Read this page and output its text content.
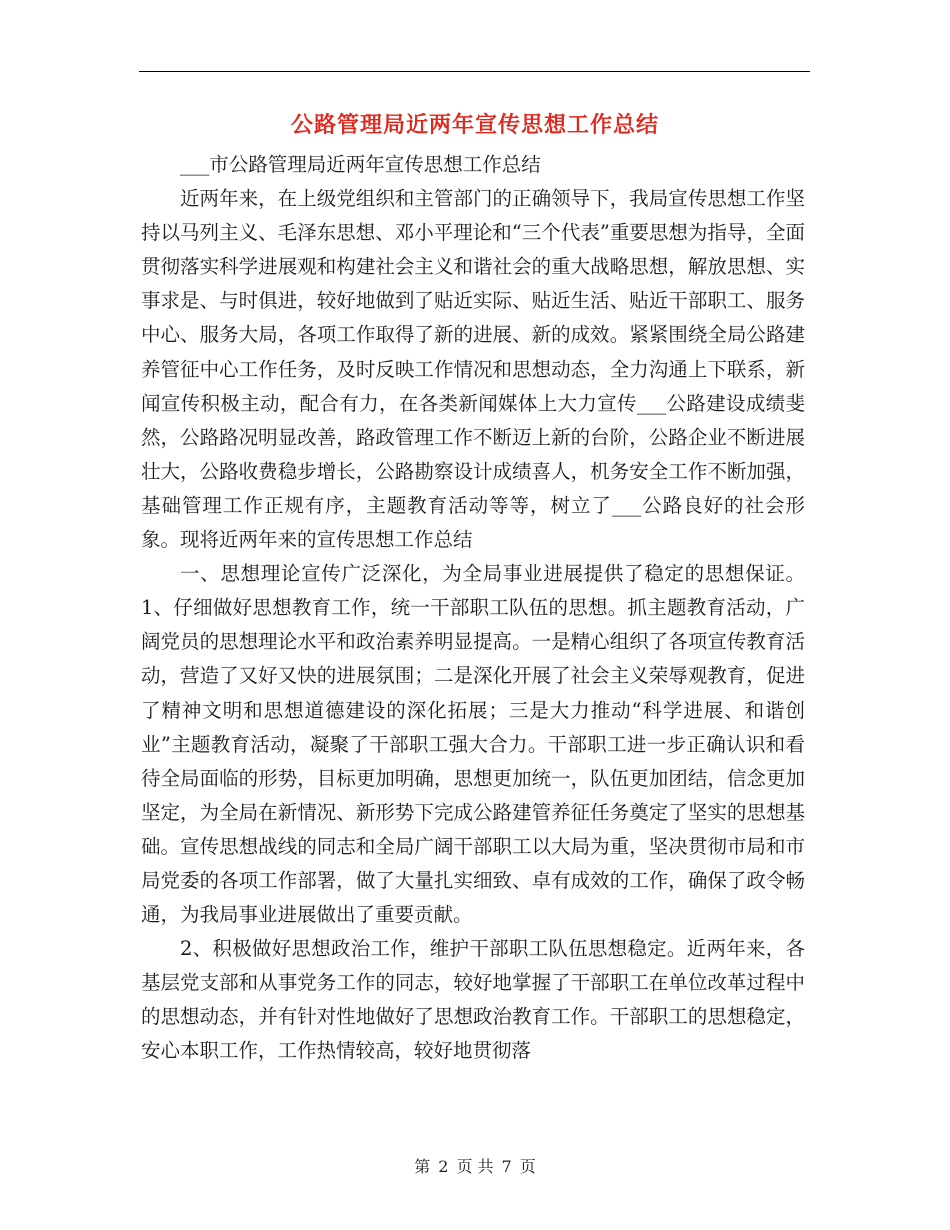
公路管理局近两年宣传思想工作总结

___市公路管理局近两年宣传思想工作总结

近两年来，在上级党组织和主管部门的正确领导下，我局宣传思想工作坚持以马列主义、毛泽东思想、邓小平理论和“三个代表”重要思想为指导，全面贯彻落实科学进展观和构建社会主义和谐社会的重大战略思想，解放思想、实事求是、与时俱进，较好地做到了贴近实际、贴近生活、贴近干部职工、服务中心、服务大局，各项工作取得了新的进展、新的成效。紧紧围绕全局公路建养管征中心工作任务，及时反映工作情况和思想动态，全力沟通上下联系，新闻宣传积极主动，配合有力，在各类新闻媒体上大力宣传___公路建设成绩斐然，公路路况明显改善，路政管理工作不断迈上新的台阶，公路企业不断进展壮大，公路收费稳步增长，公路勘察设计成绩喜人，机务安全工作不断加强，基础管理工作正规有序，主题教育活动等等，树立了___公路良好的社会形象。现将近两年来的宣传思想工作总结

一、思想理论宣传广泛深化，为全局事业进展提供了稳定的思想保证。 1、仔细做好思想教育工作，统一干部职工队伍的思想。抓主题教育活动，广阔党员的思想理论水平和政治素养明显提高。一是精心组织了各项宣传教育活动，营造了又好又快的进展氛围；二是深化开展了社会主义荣辱观教育，促进了精神文明和思想道德建设的深化拓展；三是大力推动“科学进展、和谐创业”主题教育活动，凝聚了干部职工强大合力。干部职工进一步正确认识和看待全局面临的形势，目标更加明确，思想更加统一，队伍更加团结，信念更加坚定，为全局在新情况、新形势下完成公路建管养征任务奠定了坚实的思想基础。宣传思想战线的同志和全局广阔干部职工以大局为重，坚决贯彻市局和市局党委的各项工作部署，做了大量扎实细致、卓有成效的工作，确保了政令畅通，为我局事业进展做出了重要贡献。

2、积极做好思想政治工作，维护干部职工队伍思想稳定。近两年来，各基层党支部和从事党务工作的同志，较好地掌握了干部职工在单位改革过程中的思想动态，并有针对性地做好了思想政治教育工作。干部职工的思想稳定，安心本职工作，工作热情较高，较好地贯彻落

第 2 页 共 7 页
